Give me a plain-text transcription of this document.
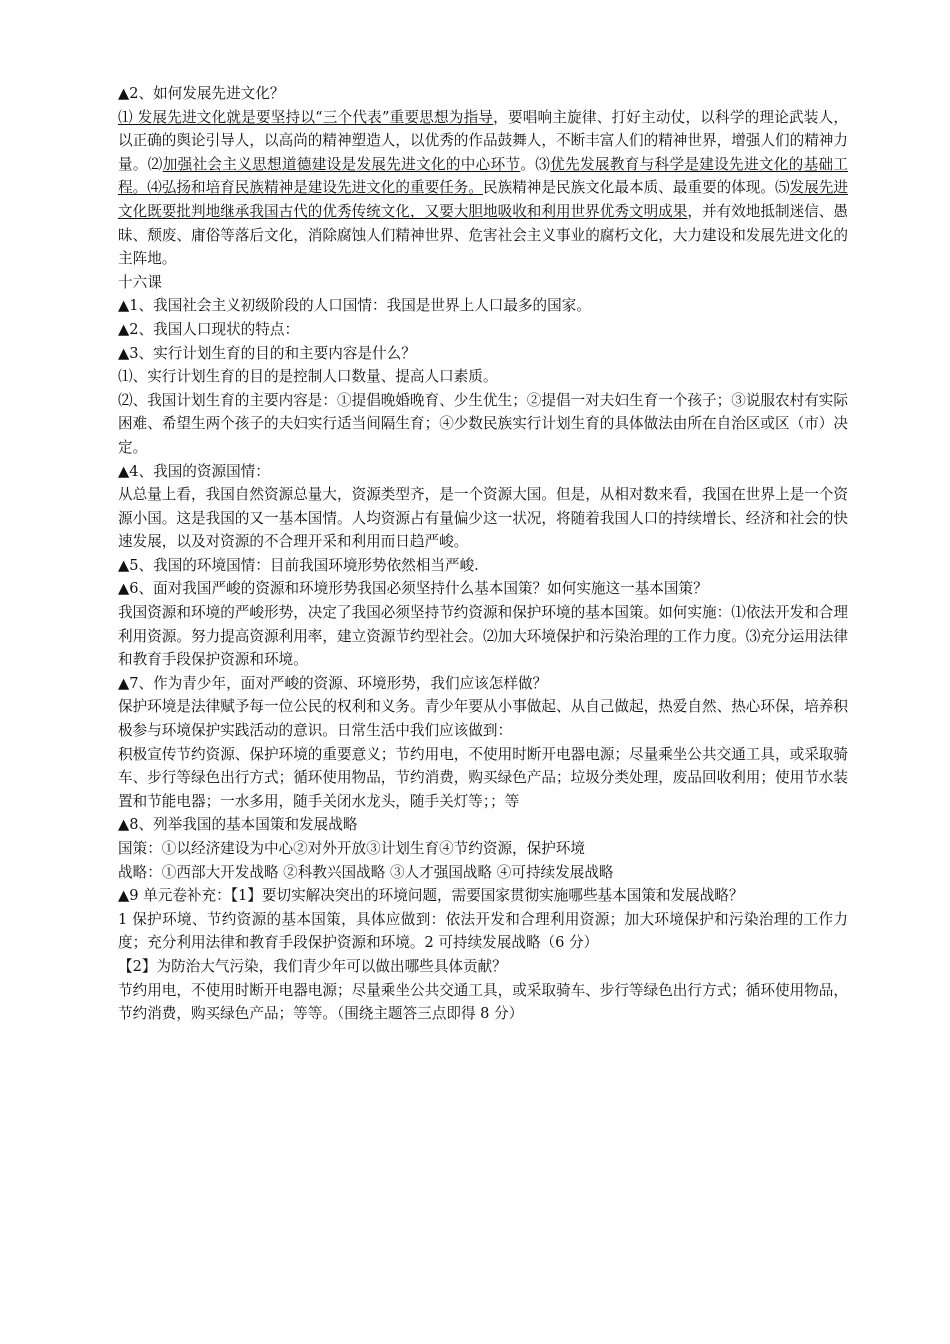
▲2、如何发展先进文化？
⑴ 发展先进文化就是要坚持以“三个代表”重要思想为指导，要唱响主旋律、打好主动仗，以科学的理论武装人，以正确的舆论引导人，以高尚的精神塑造人，以优秀的作品鼓舞人，不断丰富人们的精神世界，增强人们的精神力量。⑵加强社会主义思想道德建设是发展先进文化的中心环节。⑶优先发展教育与科学是建设先进文化的基础工程。⑷弘扬和培育民族精神是建设先进文化的重要任务。民族精神是民族文化最本质、最重要的体现。⑸发展先进文化既要批判地继承我国古代的优秀传统文化，又要大胆地吸收和利用世界优秀文明成果，并有效地抵制迷信、愚昧、颓废、庸俗等落后文化，消除腐蚀人们精神世界、危害社会主义事业的腐朽文化，大力建设和发展先进文化的主阵地。
十六课
▲1、我国社会主义初级阶段的人口国情：我国是世界上人口最多的国家。
▲2、我国人口现状的特点：
▲3、实行计划生育的目的和主要内容是什么？
⑴、实行计划生育的目的是控制人口数量、提高人口素质。
⑵、我国计划生育的主要内容是：①提倡晚婚晚育、少生优生；②提倡一对夫妇生育一个孩子；③说服农村有实际困难、希望生两个孩子的夫妇实行适当间隔生育；④少数民族实行计划生育的具体做法由所在自治区或区（市）决定。
▲4、我国的资源国情：
从总量上看，我国自然资源总量大，资源类型齐，是一个资源大国。但是，从相对数来看，我国在世界上是一个资源小国。这是我国的又一基本国情。人均资源占有量偏少这一状况，将随着我国人口的持续增长、经济和社会的快速发展，以及对资源的不合理开采和利用而日趋严峻。
▲5、我国的环境国情：目前我国环境形势依然相当严峻.
▲6、面对我国严峻的资源和环境形势我国必须坚持什么基本国策？如何实施这一基本国策？
我国资源和环境的严峻形势，决定了我国必须坚持节约资源和保护环境的基本国策。如何实施：⑴依法开发和合理利用资源。努力提高资源利用率，建立资源节约型社会。⑵加大环境保护和污染治理的工作力度。⑶充分运用法律和教育手段保护资源和环境。
▲7、作为青少年，面对严峻的资源、环境形势，我们应该怎样做？
保护环境是法律赋予每一位公民的权利和义务。青少年要从小事做起、从自己做起，热爱自然、热心环保，培养积极参与环境保护实践活动的意识。日常生活中我们应该做到：
积极宣传节约资源、保护环境的重要意义；节约用电，不使用时断开电器电源；尽量乘坐公共交通工具，或采取骑车、步行等绿色出行方式；循环使用物品，节约消费，购买绿色产品；垃圾分类处理，废品回收利用；使用节水装置和节能电器；一水多用，随手关闭水龙头，随手关灯等；；等
▲8、列举我国的基本国策和发展战略
国策：①以经济建设为中心②对外开放③计划生育④节约资源，保护环境
战略：①西部大开发战略 ②科教兴国战略 ③人才强国战略 ④可持续发展战略
▲9 单元卷补充：【1】要切实解决突出的环境问题，需要国家贯彻实施哪些基本国策和发展战略？
1 保护环境、节约资源的基本国策，具体应做到：依法开发和合理利用资源；加大环境保护和污染治理的工作力度；充分利用法律和教育手段保护资源和环境。2 可持续发展战略（6 分）
【2】为防治大气污染，我们青少年可以做出哪些具体贡献？
节约用电，不使用时断开电器电源；尽量乘坐公共交通工具，或采取骑车、步行等绿色出行方式；循环使用物品，节约消费，购买绿色产品；等等。（围绕主题答三点即得 8 分）
